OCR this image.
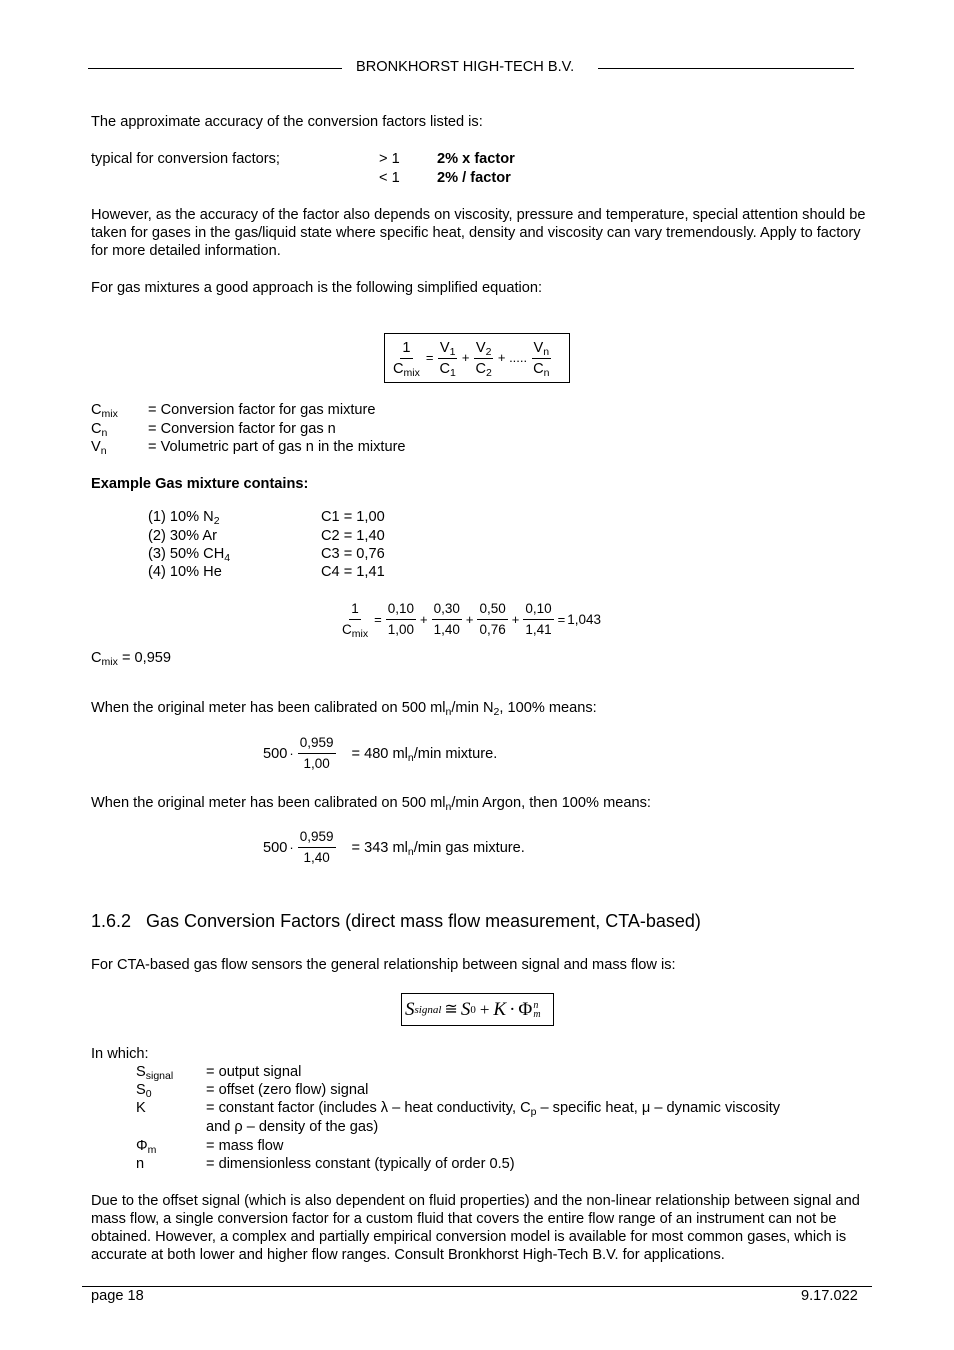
BRONKHORST HIGH-TECH B.V.
The approximate accuracy of the conversion factors listed is:
typical for conversion factors;	> 1	2% x factor
< 1	2% / factor
However, as the accuracy of the factor also depends on viscosity, pressure and temperature, special attention should be taken for gases in the gas/liquid state where specific heat, density and viscosity can vary tremendously. Apply to factory for more detailed information.
For gas mixtures a good approach is the following simplified equation:
$\frac{1}{C_{mix}} = \frac{V_1}{C_1} + \frac{V_2}{C_2}$ + ..... $\frac{V_n}{C_n}$
$C_{mix}$ = Conversion factor for gas mixture
$C_n$	= Conversion factor for gas n
$V_n$	= Volumetric part of gas n in the mixture
Example Gas mixture contains:
(1) 10% $N_2$	C1 = 1,00
(2) 30% Ar	C2 = 1,40
(3) 50% $CH_4$	C3 = 0,76
(4) 10% He	C4 = 1,41
$\frac{1}{C_{mix}} = \frac{0,10}{1,00} + \frac{0,30}{1,40} + \frac{0,50}{0,76} + \frac{0,10}{1,41} = 1,043$
$C_{mix} = 0,959$
When the original meter has been calibrated on 500 $ml_n/\min$ $N_2$, 100% means:
$500 \cdot \frac{0,959}{1,00} = 480$ $ml_n/\min$ mixture.
When the original meter has been calibrated on 500 $ml_n/\min$ Argon, then 100% means:
$500 \cdot \frac{0,959}{1,40} = 343$ $ml_n/\min$ gas mixture.
1.6.2 Gas Conversion Factors (direct mass flow measurement, CTA-based)
For CTA-based gas flow sensors the general relationship between signal and mass flow is:
S signal ≅ S 0 + K · Φ n
m
In which:
$S_{signal}$ = output signal
$S_0$	= offset (zero flow) signal
K	= constant factor (includes λ – heat conductivity, $C_p$ – specific heat, μ – dynamic viscosity
and ρ – density of the gas)
$\Phi_m$	= mass flow
n	= dimensionless constant (typically of order 0.5)
Due to the offset signal (which is also dependent on fluid properties) and the non-linear relationship between signal and mass flow, a single conversion factor for a custom fluid that covers the entire flow range of an instrument can not be obtained. However, a complex and partially empirical conversion model is available for most common gases, which is accurate at both lower and higher flow ranges. Consult Bronkhorst High-Tech B.V. for applications.
page 18	9.17.022
